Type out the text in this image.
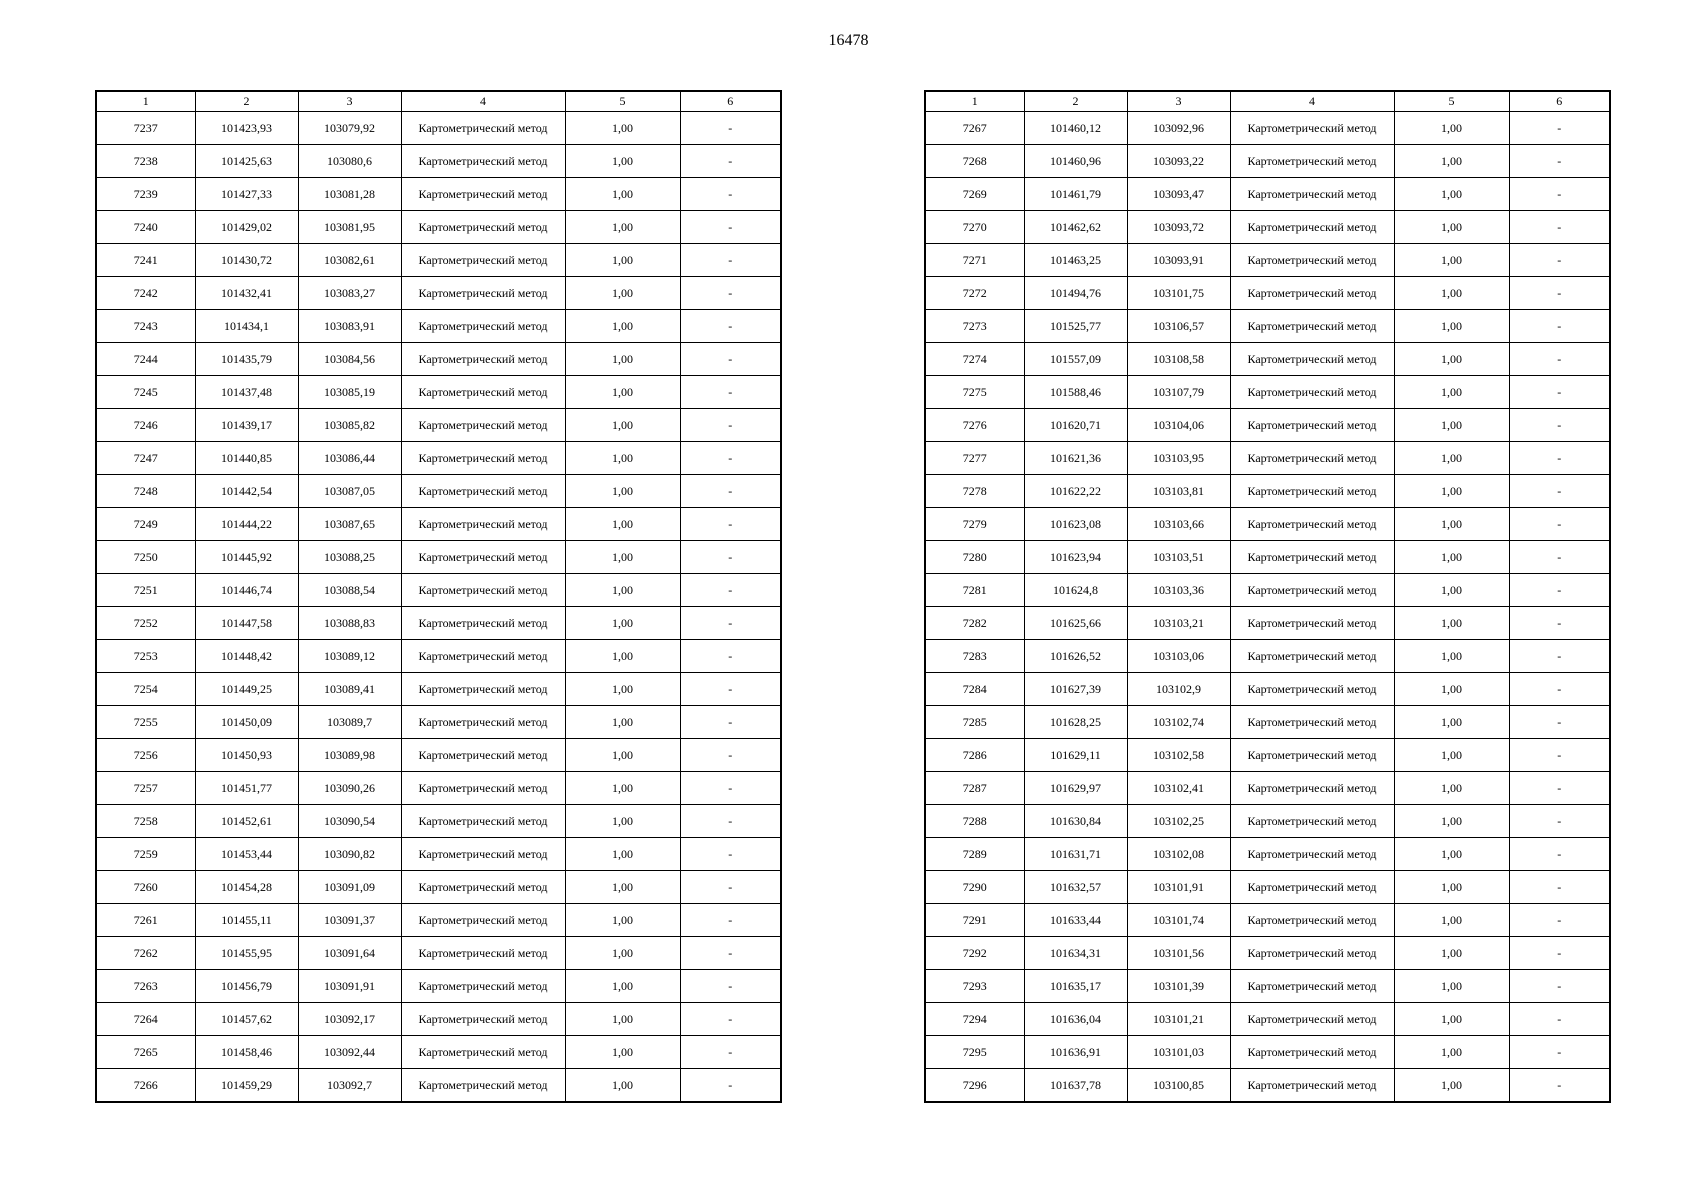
16478
1	2	3	4	5	6
7237	101423,93	103079,92	Картометрический метод	1,00	-
7238	101425,63	103080,6	Картометрический метод	1,00	-
7239	101427,33	103081,28	Картометрический метод	1,00	-
7240	101429,02	103081,95	Картометрический метод	1,00	-
7241	101430,72	103082,61	Картометрический метод	1,00	-
7242	101432,41	103083,27	Картометрический метод	1,00	-
7243	101434,1	103083,91	Картометрический метод	1,00	-
7244	101435,79	103084,56	Картометрический метод	1,00	-
7245	101437,48	103085,19	Картометрический метод	1,00	-
7246	101439,17	103085,82	Картометрический метод	1,00	-
7247	101440,85	103086,44	Картометрический метод	1,00	-
7248	101442,54	103087,05	Картометрический метод	1,00	-
7249	101444,22	103087,65	Картометрический метод	1,00	-
7250	101445,92	103088,25	Картометрический метод	1,00	-
7251	101446,74	103088,54	Картометрический метод	1,00	-
7252	101447,58	103088,83	Картометрический метод	1,00	-
7253	101448,42	103089,12	Картометрический метод	1,00	-
7254	101449,25	103089,41	Картометрический метод	1,00	-
7255	101450,09	103089,7	Картометрический метод	1,00	-
7256	101450,93	103089,98	Картометрический метод	1,00	-
7257	101451,77	103090,26	Картометрический метод	1,00	-
7258	101452,61	103090,54	Картометрический метод	1,00	-
7259	101453,44	103090,82	Картометрический метод	1,00	-
7260	101454,28	103091,09	Картометрический метод	1,00	-
7261	101455,11	103091,37	Картометрический метод	1,00	-
7262	101455,95	103091,64	Картометрический метод	1,00	-
7263	101456,79	103091,91	Картометрический метод	1,00	-
7264	101457,62	103092,17	Картометрический метод	1,00	-
7265	101458,46	103092,44	Картометрический метод	1,00	-
7266	101459,29	103092,7	Картометрический метод	1,00	-
1	2	3	4	5	6
7267	101460,12	103092,96	Картометрический метод	1,00	-
7268	101460,96	103093,22	Картометрический метод	1,00	-
7269	101461,79	103093,47	Картометрический метод	1,00	-
7270	101462,62	103093,72	Картометрический метод	1,00	-
7271	101463,25	103093,91	Картометрический метод	1,00	-
7272	101494,76	103101,75	Картометрический метод	1,00	-
7273	101525,77	103106,57	Картометрический метод	1,00	-
7274	101557,09	103108,58	Картометрический метод	1,00	-
7275	101588,46	103107,79	Картометрический метод	1,00	-
7276	101620,71	103104,06	Картометрический метод	1,00	-
7277	101621,36	103103,95	Картометрический метод	1,00	-
7278	101622,22	103103,81	Картометрический метод	1,00	-
7279	101623,08	103103,66	Картометрический метод	1,00	-
7280	101623,94	103103,51	Картометрический метод	1,00	-
7281	101624,8	103103,36	Картометрический метод	1,00	-
7282	101625,66	103103,21	Картометрический метод	1,00	-
7283	101626,52	103103,06	Картометрический метод	1,00	-
7284	101627,39	103102,9	Картометрический метод	1,00	-
7285	101628,25	103102,74	Картометрический метод	1,00	-
7286	101629,11	103102,58	Картометрический метод	1,00	-
7287	101629,97	103102,41	Картометрический метод	1,00	-
7288	101630,84	103102,25	Картометрический метод	1,00	-
7289	101631,71	103102,08	Картометрический метод	1,00	-
7290	101632,57	103101,91	Картометрический метод	1,00	-
7291	101633,44	103101,74	Картометрический метод	1,00	-
7292	101634,31	103101,56	Картометрический метод	1,00	-
7293	101635,17	103101,39	Картометрический метод	1,00	-
7294	101636,04	103101,21	Картометрический метод	1,00	-
7295	101636,91	103101,03	Картометрический метод	1,00	-
7296	101637,78	103100,85	Картометрический метод	1,00	-
